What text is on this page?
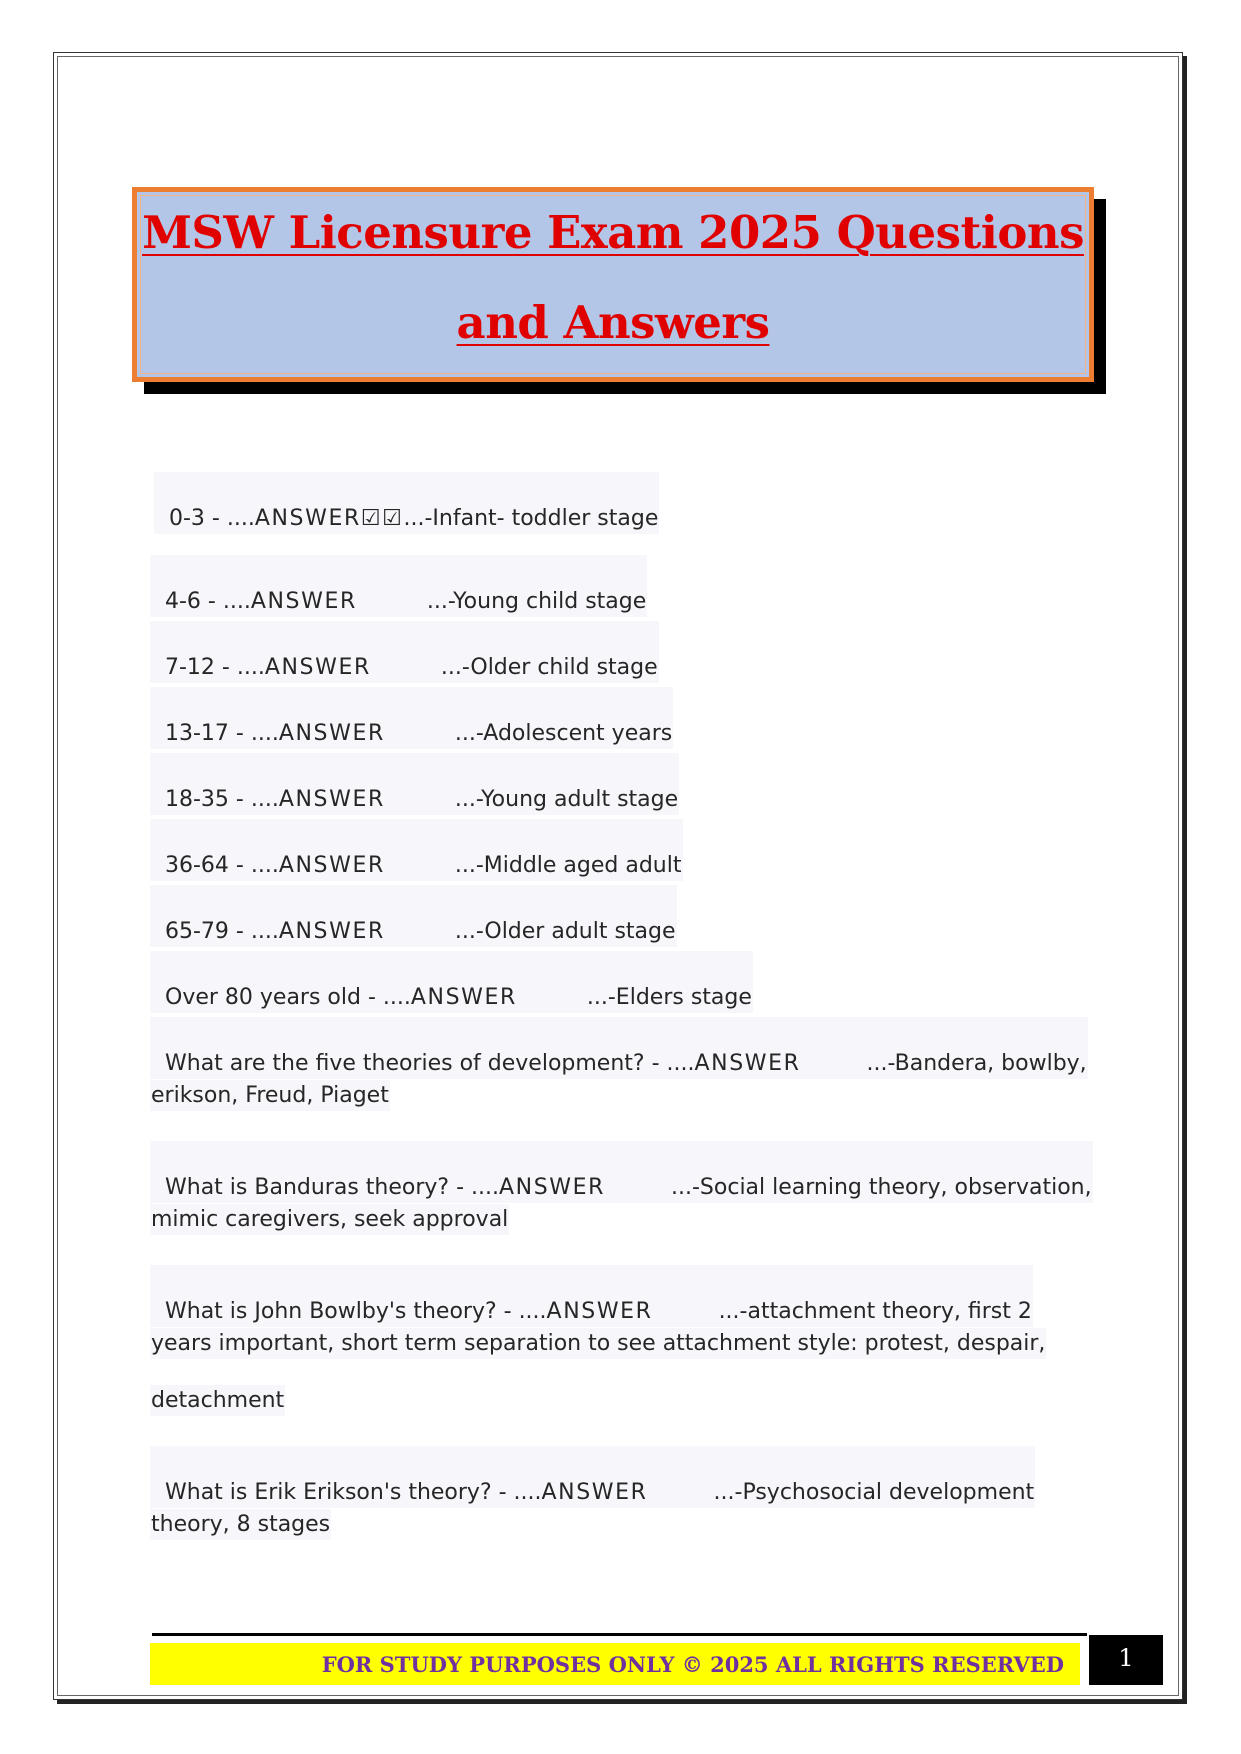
MSW Licensure Exam 2025 Questions
and Answers

0-3 - ....ANSWER☑☑...-Infant- toddler stage

4-6 - ....ANSWER	...-Young child stage

7-12 - ....ANSWER	...-Older child stage

13-17 - ....ANSWER	...-Adolescent years

18-35 - ....ANSWER	...-Young adult stage

36-64 - ....ANSWER	...-Middle aged adult

65-79 - ....ANSWER	...-Older adult stage

Over 80 years old - ....ANSWER	...-Elders stage

What are the five theories of development? - ....ANSWER	...-Bandera, bowlby,

erikson, Freud, Piaget

What is Banduras theory? - ....ANSWER	...-Social learning theory, observation,

mimic caregivers, seek approval

What is John Bowlby's theory? - ....ANSWER	...-attachment theory, first 2

years important, short term separation to see attachment style: protest, despair,
detachment

What is Erik Erikson's theory? - ....ANSWER	...-Psychosocial development

theory, 8 stages
FOR STUDY PURPOSES ONLY © 2025 ALL RIGHTS RESERVED	1
